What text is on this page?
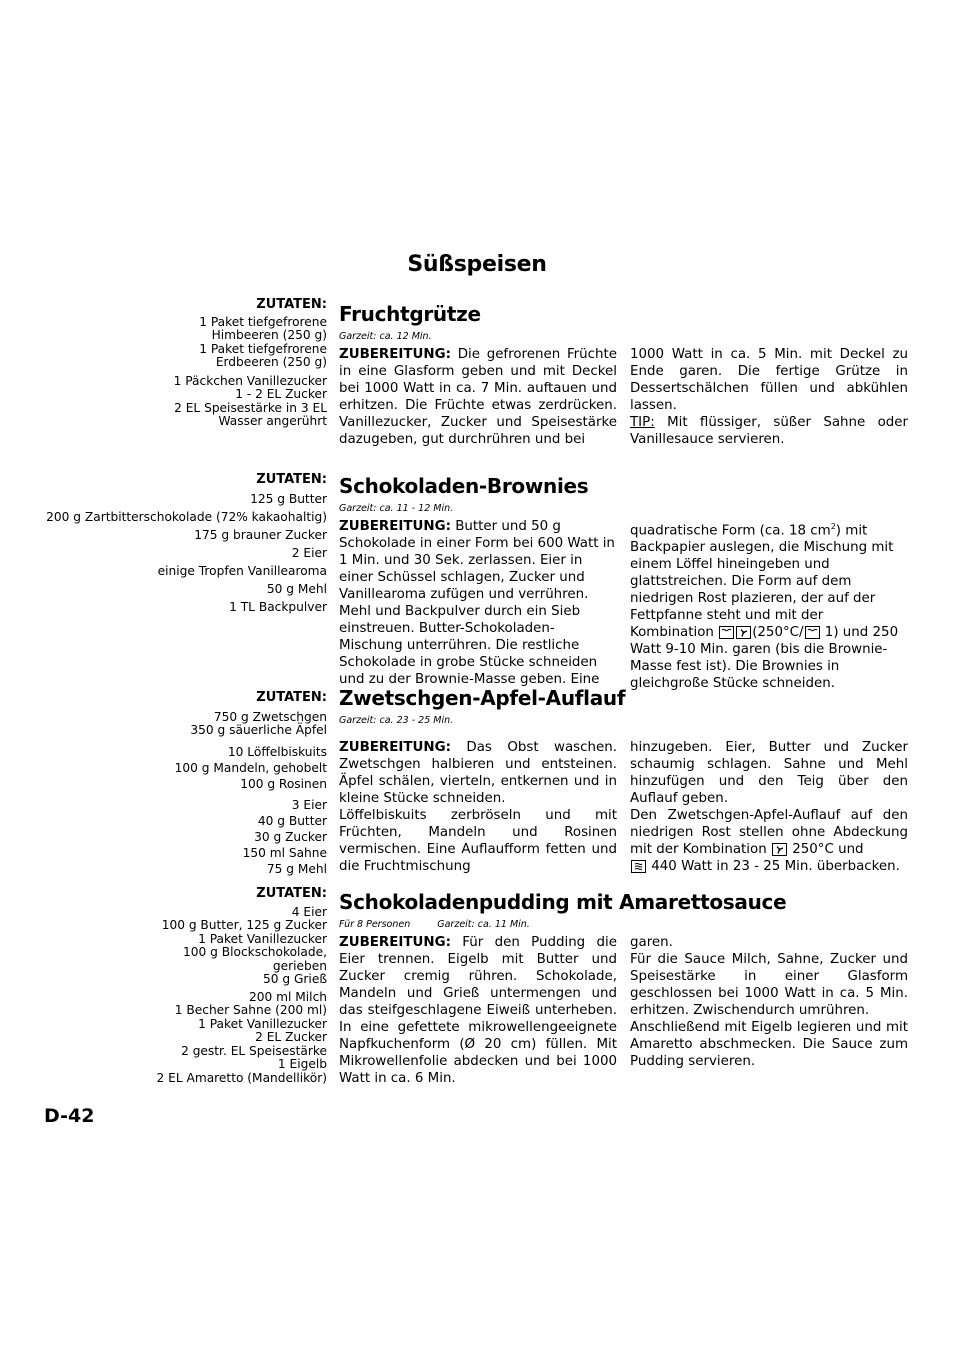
Süßspeisen
ZUTATEN:
1 Paket tiefgefrorene
Himbeeren (250 g)
1 Paket tiefgefrorene
Erdbeeren (250 g)
1 Päckchen Vanillezucker
1 - 2 EL Zucker
2 EL Speisestärke in 3 EL
Wasser angerührt
Fruchtgrütze
Garzeit: ca. 12 Min.
ZUBEREITUNG: Die gefrorenen Früchte in eine Glasform geben und mit Deckel bei 1000 Watt in ca. 7 Min. auftauen und erhitzen. Die Früchte etwas zerdrücken. Vanillezucker, Zucker und Speisestärke dazugeben, gut durchrühren und bei
1000 Watt in ca. 5 Min. mit Deckel zu Ende garen. Die fertige Grütze in Dessertschälchen füllen und abkühlen lassen.
TIP: Mit flüssiger, süßer Sahne oder Vanillesauce servieren.
ZUTATEN:
125 g Butter
200 g Zartbitterschokolade (72% kakaohaltig)
175 g brauner Zucker
2 Eier
einige Tropfen Vanillearoma
50 g Mehl
1 TL Backpulver
Schokoladen-Brownies
Garzeit: ca. 11 - 12 Min.
ZUBEREITUNG: Butter und 50 g Schokolade in einer Form bei 600 Watt in 1 Min. und 30 Sek. zerlassen. Eier in einer Schüssel schlagen, Zucker und Vanillearoma zufügen und verrühren. Mehl und Backpulver durch ein Sieb einstreuen. Butter-Schokoladen-Mischung unterrühren. Die restliche Schokolade in grobe Stücke schneiden und zu der Brownie-Masse geben. Eine
quadratische Form (ca. 18 $cm^2$) mit Backpapier auslegen, die Mischung mit einem Löffel hineingeben und glattstreichen. Die Form auf dem niedrigen Rost plazieren, der auf der Fettpfanne steht und mit der Kombination	(250°C/ 1) und 250 Watt 9-10 Min. garen (bis die Brownie-Masse fest ist). Die Brownies in gleichgroße Stücke schneiden.
ZUTATEN:
750 g Zwetschgen
350 g säuerliche Äpfel
10 Löffelbiskuits
100 g Mandeln, gehobelt
100 g Rosinen
3 Eier
40 g Butter
30 g Zucker
150 ml Sahne
75 g Mehl
Zwetschgen-Apfel-Auflauf
Garzeit: ca. 23 - 25 Min.
ZUBEREITUNG: Das Obst waschen. Zwetschgen halbieren und entsteinen. Äpfel schälen, vierteln, entkernen und in kleine Stücke schneiden.
Löffelbiskuits zerbröseln und mit Früchten, Mandeln und Rosinen vermischen. Eine Auflaufform fetten und die Fruchtmischung
hinzugeben. Eier, Butter und Zucker schaumig schlagen. Sahne und Mehl hinzufügen und den Teig über den Auflauf geben.
Den Zwetschgen-Apfel-Auflauf auf den niedrigen Rost stellen ohne Abdeckung mit der Kombination 250°C und
440 Watt in 23 - 25 Min. überbacken.
ZUTATEN:
4 Eier
100 g Butter, 125 g Zucker
1 Paket Vanillezucker
100 g Blockschokolade,
gerieben
50 g Grieß
200 ml Milch
1 Becher Sahne (200 ml)
1 Paket Vanillezucker
2 EL Zucker
2 gestr. EL Speisestärke
1 Eigelb
2 EL Amaretto (Mandellikör)
Schokoladenpudding mit Amarettosauce
Für 8 Personen	Garzeit: ca. 11 Min.
ZUBEREITUNG: Für den Pudding die Eier trennen. Eigelb mit Butter und Zucker cremig rühren. Schokolade, Mandeln und Grieß untermengen und das steifgeschlagene Eiweiß unterheben. In eine gefettete mikrowellengeeignete Napfkuchenform (Ø 20 cm) füllen. Mit Mikrowellenfolie abdecken und bei 1000 Watt in ca. 6 Min.
garen.
Für die Sauce Milch, Sahne, Zucker und Speisestärke in einer Glasform geschlossen bei 1000 Watt in ca. 5 Min. erhitzen. Zwischendurch umrühren.
Anschließend mit Eigelb legieren und mit Amaretto abschmecken. Die Sauce zum Pudding servieren.
D-42
